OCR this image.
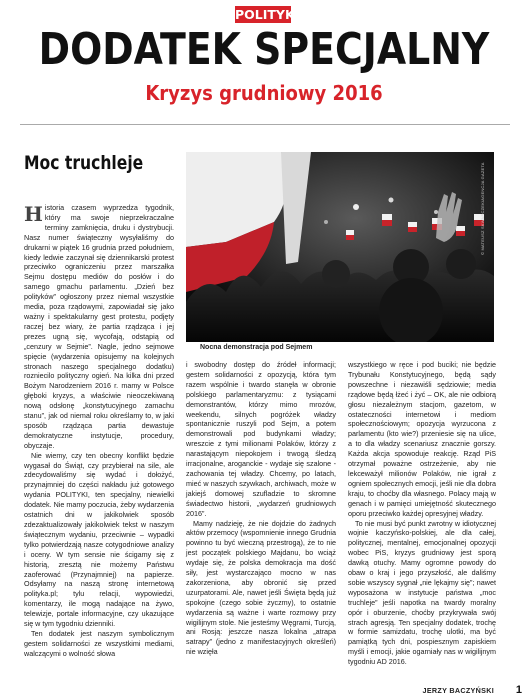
POLITYKA
DODATEK SPECJALNY
Kryzys grudniowy 2016
Moc truchleje	© MATEUSZ SKWARCZEK/AGENCJA GAZETA
Nocna demonstracja pod Sejmem

Historia czasem wyprzedza tygodnik, który ma swoje nieprzekraczalne terminy zamknięcia, druku i dystrybucji. Nasz numer świąteczny wysyłaliśmy do drukarni w piątek 16 grudnia przed południem, kiedy ledwie zaczynał się dziennikarski protest przeciwko ograniczeniu przez marszałka Sejmu dostępu mediów do posłów i do samego gmachu parlamentu. „Dzień bez polityków” ogłoszony przez niemal wszystkie media, poza rządowymi, zapowiadał się jako ważny i spektakularny gest protestu, podjęty raczej bez wiary, że partia rządząca i jej prezes ugną się, wycofają, odstąpią od „cenzury w Sejmie”. Nagle, jedno sejmowe spięcie (wydarzenia opisujemy na kolejnych stronach naszego specjalnego dodatku) rozniecilo polityczny ogień. Na kilka dni przed Bożym Narodzeniem 2016 r. mamy w Polsce głęboki kryzys, a właściwie nieoczekiwaną nową odsłonę „konstytucyjnego zamachu stanu”, jak od niemal roku określamy to, w jaki sposób rządząca partia dewastuje demokratyczne instytucje, procedury, obyczaje.

Nie wiemy, czy ten obecny konflikt będzie wygasał do Świąt, czy przybierał na sile, ale zdecydowaliśmy się wydać i dołożyć, przynajmniej do części nakładu już gotowego wydania POLITYKI, ten specjalny, niewielki dodatek. Nie mamy poczucia, żeby wydarzenia ostatnich dni w jakikolwiek sposób zdezaktualizowały jakikolwiek tekst w naszym świątecznym wydaniu, przeciwnie – wypadki tylko potwierdzają nasze cotygodniowe analizy i oceny. W tym sensie nie ścigamy się z historią, zresztą nie możemy Państwu zaoferować (Przynajmniej) na papierze. Odsyłamy na naszą stronę internetową polityka.pl; tylu relacji, wypowiedzi, komentarzy, ile mogą nadające na żywo, telewizje, portale informacyjne, czy ukazujące się w tym tygodniu dzienniki.

Ten dodatek jest naszym symbolicznym gestem solidarności ze wszystkimi mediami, walczącymi o wolność słowa

i swobodny dostęp do źródeł informacji; gestem solidarności z opozycją, która tym razem wspólnie i twardo stanęła w obronie polskiego parlamentaryzmu: z tysiącami demonstrantów, którzy mimo mrozów, weekendu, silnych pogróżek władzy spontanicznie ruszyli pod Sejm, a potem demonstrowali pod budynkami władzy; wreszcie z tymi milionami Polaków, którzy z narastającym niepokojem i trwogą śledzą irracjonalne, aroganckie - wydaje się szalone - zachowania tej władzy. Chcemy, po latach, mieć w naszych szywkach, archiwach, może w jakiejś domowej szufladzie to skromne świadectwo historii, „wydarzeń grudniowych 2016”.

Mamy nadzieję, że nie dojdzie do żadnych aktów przemocy (wspomnienie innego Grudnia powinno tu być wieczną przestrogą), że to nie jest początek polskiego Majdanu, bo wciąż wydaje się, że polska demokracja ma dość siły, jest wystarczająco mocno w nas zakorzeniona, aby obronić się przed uzurpatorami. Ale, nawet jeśli Święta będą już spokojne (czego sobie życzmy), to ostatnie wydarzenia są ważne i warte rozmowy przy wigilijnym stole. Nie jesteśmy Węgrami, Turcją, ani Rosją: jeszcze nasza lokalna „atrapa satrapy” (jedno z manifestacyjnych określeń) nie wzięła

wszystkiego w ręce i pod buciki; nie będzie Trybunału Konstytucyjnego, będą sądy powszechne i niezawiśli sędziowie; media rządowe będą łżeć i żyć – OK, ale nie odbiorą głosu niezależnym stacjom, gazetom, w ostateczności internetowi i mediom społecznościowym; opozycja wyrzucona z parlamentu (kto wie?) przeniesie się na ulice, a to dla władzy scenariusz znacznie gorszy. Każda akcja spowoduje reakcję. Rząd PiS otrzymał poważne ostrzeżenie, aby nie lekceważył milionów Polaków, nie igrał z ogniem społecznych emocji, jeśli nie dla dobra kraju, to choćby dla własnego. Polacy mają w genach i w pamięci umiejętność skutecznego oporu przeciwko każdej opresyjnej władzy.

To nie musi być punkt zwrotny w idiotycznej wojnie kaczyńsko-polskiej, ale dla całej, politycznej, mentalnej, emocjonalnej opozycji wobec PiS, kryzys grudniowy jest sporą dawką otuchy. Mamy ogromne powody do obaw o kraj i jego przyszłość, ale daliśmy sobie wszyscy sygnał „nie lękajmy się”; nawet wyposażona w instytucje państwa „moc truchleje” jeśli napotka na twardy moralny opór i oburzenie, choćby przykrywała swój strach agresją. Ten specjalny dodatek, trochę w formie samizdatu, trochę ulotki, ma być pamiątką tych dni, pospiesznym zapiskiem myśli i emocji, jakie ogarniały nas w wigilijnym tygodniu AD 2016.

JERZY BACZYŃSKI 1
